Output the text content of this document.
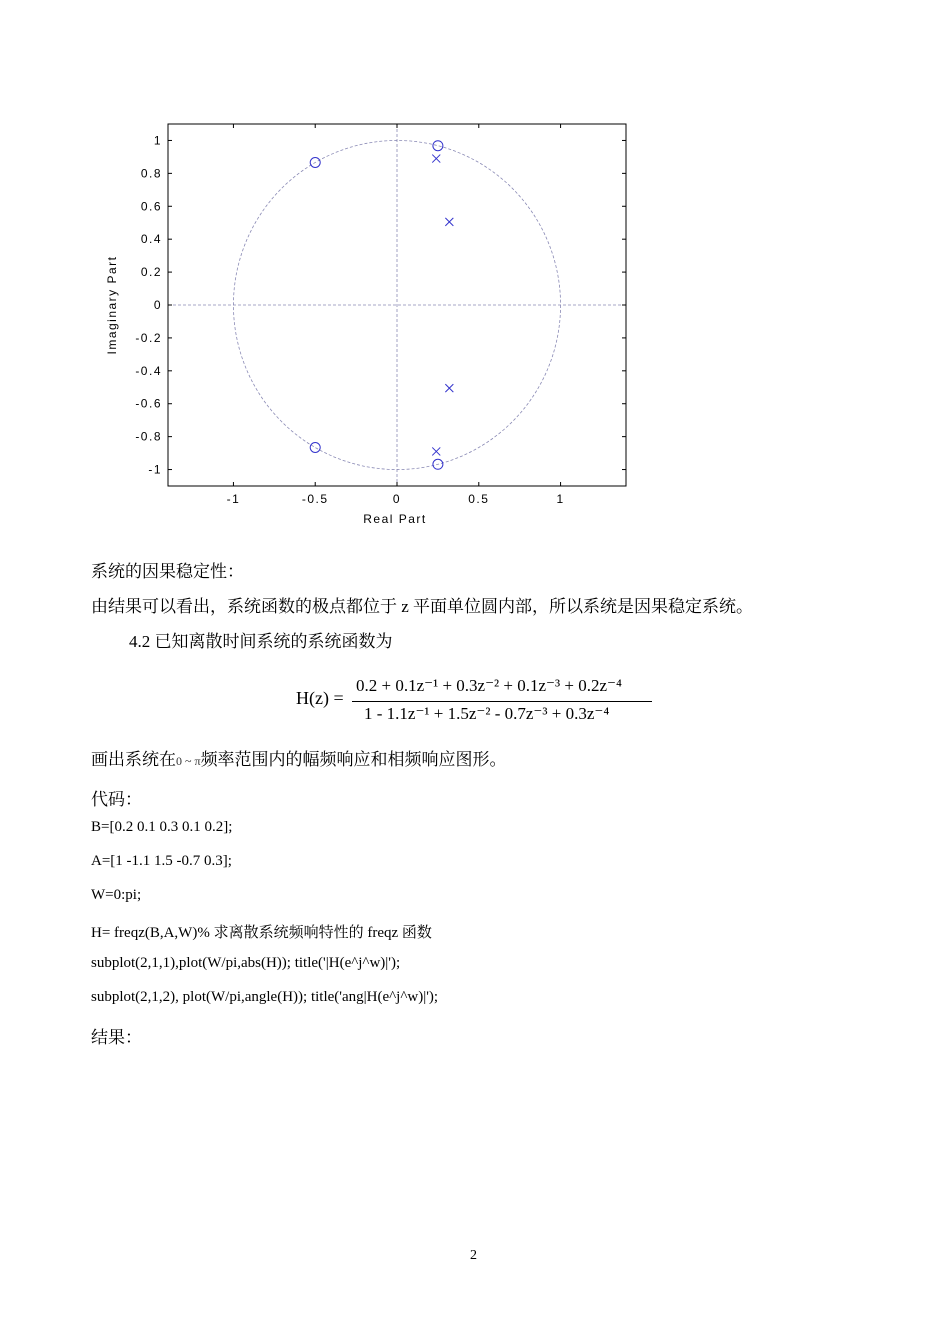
-1	-0.5	0	0.5	1
1
0.8
0.6
0.4
0.2
0
-0.2
-0.4
-0.6
-0.8
-1
Real Part
Imaginary Part
系统的因果稳定性：
由结果可以看出，系统函数的极点都位于 z 平面单位圆内部，所以系统是因果稳定系统。
4.2 已知离散时间系统的系统函数为
H(z) =
0.2 + 0.1z⁻¹ + 0.3z⁻² + 0.1z⁻³ + 0.2z⁻⁴
1 - 1.1z⁻¹ + 1.5z⁻² - 0.7z⁻³ + 0.3z⁻⁴
画出系统在0 ~ π频率范围内的幅频响应和相频响应图形。
代码：
B=[0.2 0.1 0.3 0.1 0.2];
A=[1 -1.1 1.5 -0.7 0.3];
W=0:pi;
H= freqz(B,A,W)% 求离散系统频响特性的 freqz 函数
subplot(2,1,1),plot(W/pi,abs(H)); title('|H(e^j^w)|');
subplot(2,1,2), plot(W/pi,angle(H)); title('ang|H(e^j^w)|');
结果：
2
